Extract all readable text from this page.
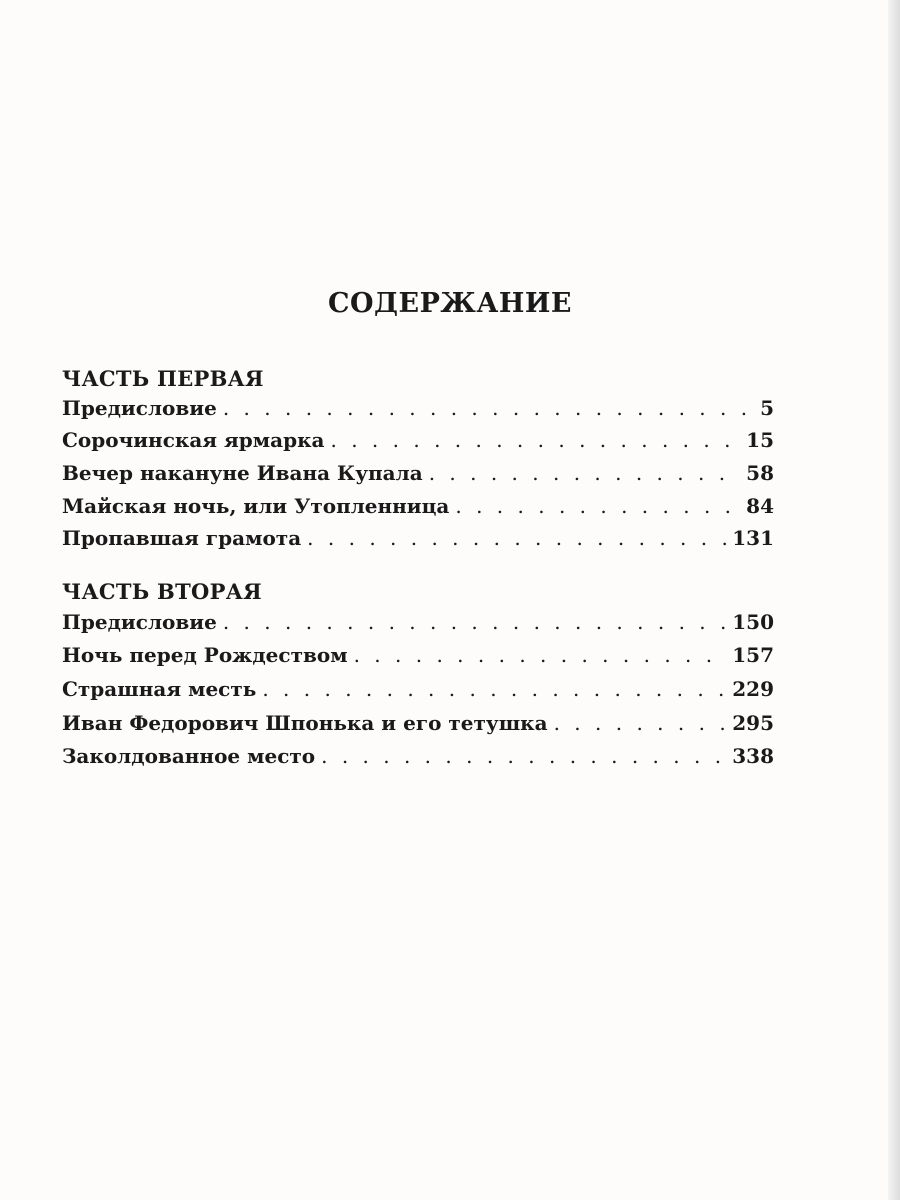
СОДЕРЖАНИЕ
ЧАСТЬ ПЕРВАЯ
Предисловие . . .	5
Сорочинская ярмарка . . .	15
Вечер накануне Ивана Купала . . .	58
Майская ночь, или Утопленница . . .	84
Пропавшая грамота . . .	131
ЧАСТЬ ВТОРАЯ
Предисловие . . .	150
Ночь перед Рождеством . . .	157
Страшная месть . . .	229
Иван Федорович Шпонька и его тетушка . . .	295
Заколдованное место . . .	338
